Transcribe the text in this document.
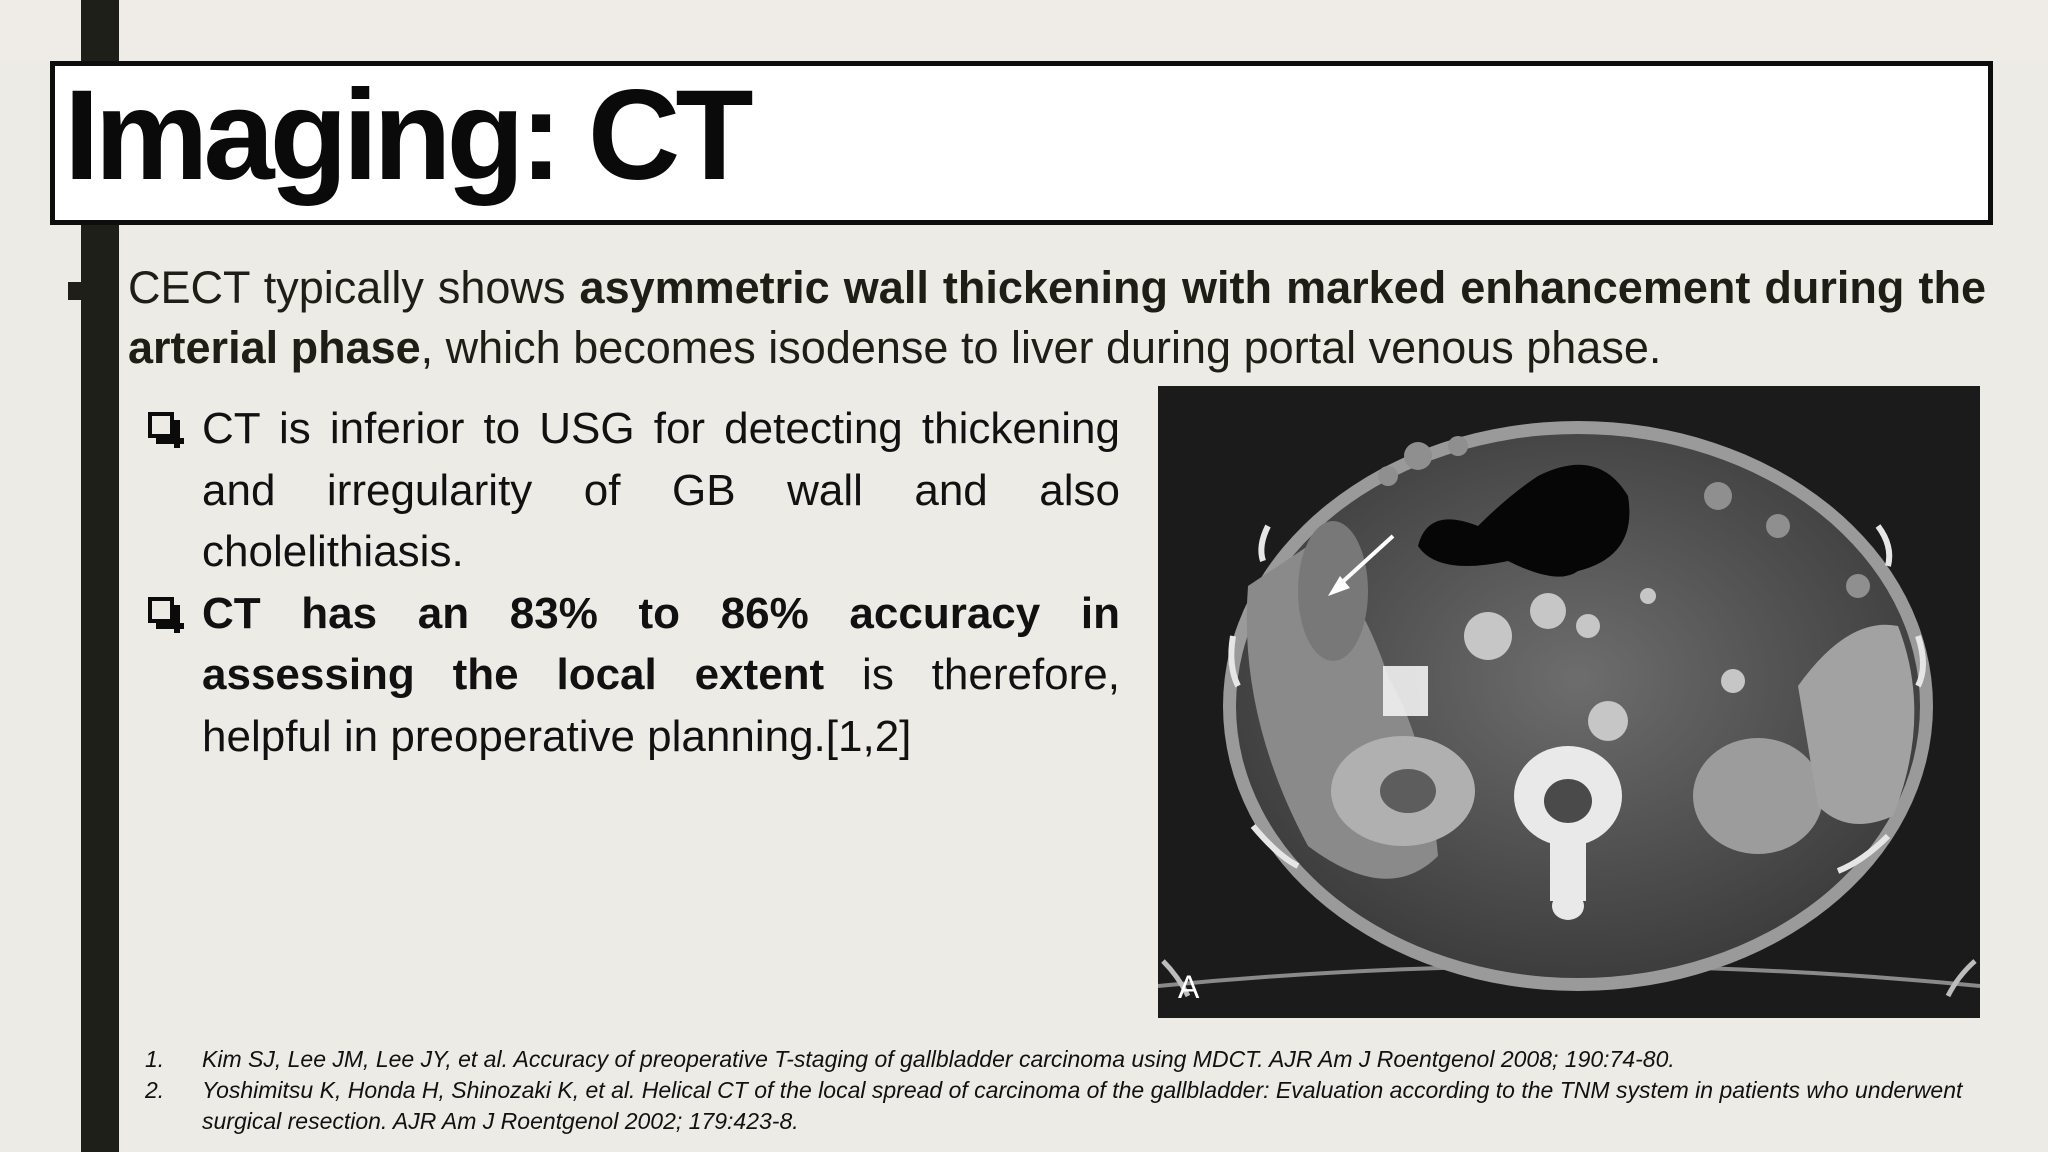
Imaging: CT

CECT typically shows asymmetric wall thickening with marked enhancement during the arterial phase, which becomes isodense to liver during portal venous phase.

CT is inferior to USG for detecting thickening and irregularity of GB wall and also cholelithiasis.

CT has an 83% to 86% accuracy in assessing the local extent is therefore, helpful in preoperative planning.[1,2]

A

1. Kim SJ, Lee JM, Lee JY, et al. Accuracy of preoperative T-staging of gallbladder carcinoma using MDCT. AJR Am J Roentgenol 2008; 190:74-80.

2. Yoshimitsu K, Honda H, Shinozaki K, et al. Helical CT of the local spread of carcinoma of the gallbladder: Evaluation according to the TNM system in patients who underwent surgical resection. AJR Am J Roentgenol 2002; 179:423-8.
